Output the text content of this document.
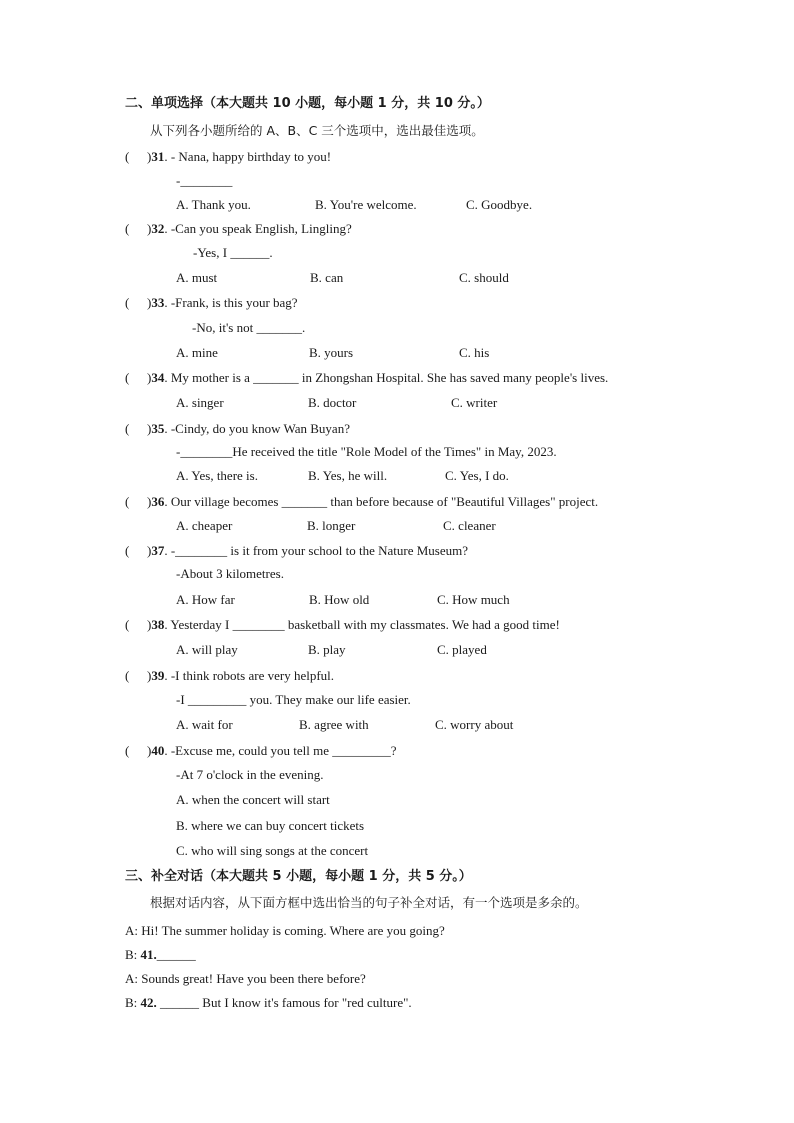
二、单项选择（本大题共 10 小题，每小题 1 分，共 10 分。）
从下列各小题所给的 A、B、C 三个选项中，选出最佳选项。
( )31. - Nana, happy birthday to you!
-________
A. Thank you.	B. You're welcome.	C. Goodbye.
( )32. -Can you speak English, Lingling?
-Yes, I ______.
A. must	B. can	C. should
( )33. -Frank, is this your bag?
-No, it's not _______.
A. mine	B. yours	C. his
( )34. My mother is a _______ in Zhongshan Hospital. She has saved many people's lives.
A. singer	B. doctor	C. writer
( )35. -Cindy, do you know Wan Buyan?
-________He received the title "Role Model of the Times" in May, 2023.
A. Yes, there is.	B. Yes, he will.	C. Yes, I do.
( )36. Our village becomes _______ than before because of "Beautiful Villages" project.
A. cheaper	B. longer	C. cleaner
( )37. -________ is it from your school to the Nature Museum?
-About 3 kilometres.
A. How far	B. How old	C. How much
( )38. Yesterday I ________ basketball with my classmates. We had a good time!
A. will play	B. play	C. played
( )39. -I think robots are very helpful.
-I _________ you. They make our life easier.
A. wait for	B. agree with	C. worry about
( )40. -Excuse me, could you tell me _________?
-At 7 o'clock in the evening.
A. when the concert will start
B. where we can buy concert tickets
C. who will sing songs at the concert
三、补全对话（本大题共 5 小题，每小题 1 分，共 5 分。）
根据对话内容，从下面方框中选出恰当的句子补全对话，有一个选项是多余的。
A: Hi! The summer holiday is coming. Where are you going?
B: 41.______
A: Sounds great! Have you been there before?
B: 42. ______ But I know it's famous for "red culture".
